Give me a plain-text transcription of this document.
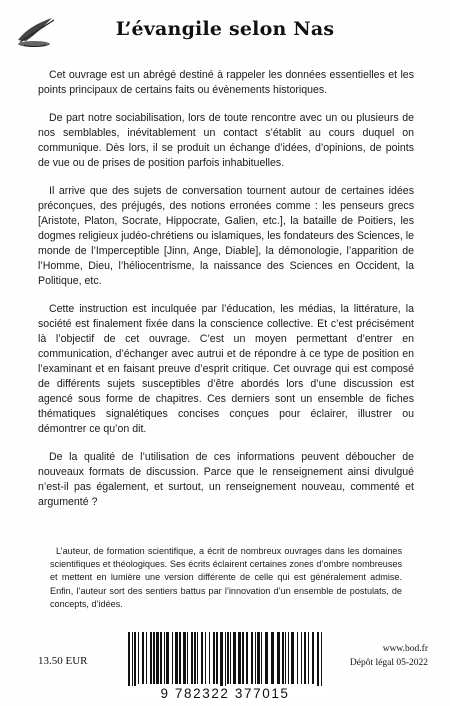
L’évangile selon Nas

Cet ouvrage est un abrégé destiné à rappeler les données essentielles et les points principaux de certains faits ou évènements historiques.

De part notre sociabilisation, lors de toute rencontre avec un ou plusieurs de nos semblables, inévitablement un contact s’établit au cours duquel on communique. Dès lors, il se produit un échange d’idées, d’opinions, de points de vue ou de prises de position parfois inhabituelles.

Il arrive que des sujets de conversation tournent autour de certaines idées préconçues, des préjugés, des notions erronées comme : les penseurs grecs [Aristote, Platon, Socrate, Hippocrate, Galien, etc.], la bataille de Poitiers, les dogmes religieux judéo-chrétiens ou islamiques, les fondateurs des Sciences, le monde de l’Imperceptible [Jinn, Ange, Diable], la démonologie, l’apparition de l’Homme, Dieu, l’héliocentrisme, la naissance des Sciences en Occident, la Politique, etc.

Cette instruction est inculquée par l’éducation, les médias, la littérature, la société est finalement fixée dans la conscience collective. Et c’est précisément là l’objectif de cet ouvrage. C’est un moyen permettant d’entrer en communication, d’échanger avec autrui et de répondre à ce type de position en l’examinant et en faisant preuve d’esprit critique. Cet ouvrage qui est composé de différents sujets susceptibles d’être abordés lors d’une discussion est agencé sous forme de chapitres. Ces derniers sont un ensemble de fiches thématiques signalétiques concises conçues pour éclairer, illustrer ou démontrer ce qu’on dit.

De la qualité de l’utilisation de ces informations peuvent déboucher de nouveaux formats de discussion. Parce que le renseignement ainsi divulgué n’est-il pas également, et surtout, un renseignement nouveau, commenté et argumenté ?

L’auteur, de formation scientifique, a écrit de nombreux ouvrages dans les domaines scientifiques et théologiques. Ses écrits éclairent certaines zones d’ombre nombreuses et mettent en lumière une version différente de celle qui est généralement admise. Enfin, l’auteur sort des sentiers battus par l’innovation d’un ensemble de postulats, de concepts, d’idées.

13.50 EUR
9 782322 377015
www.bod.fr
Dépôt légal 05-2022
